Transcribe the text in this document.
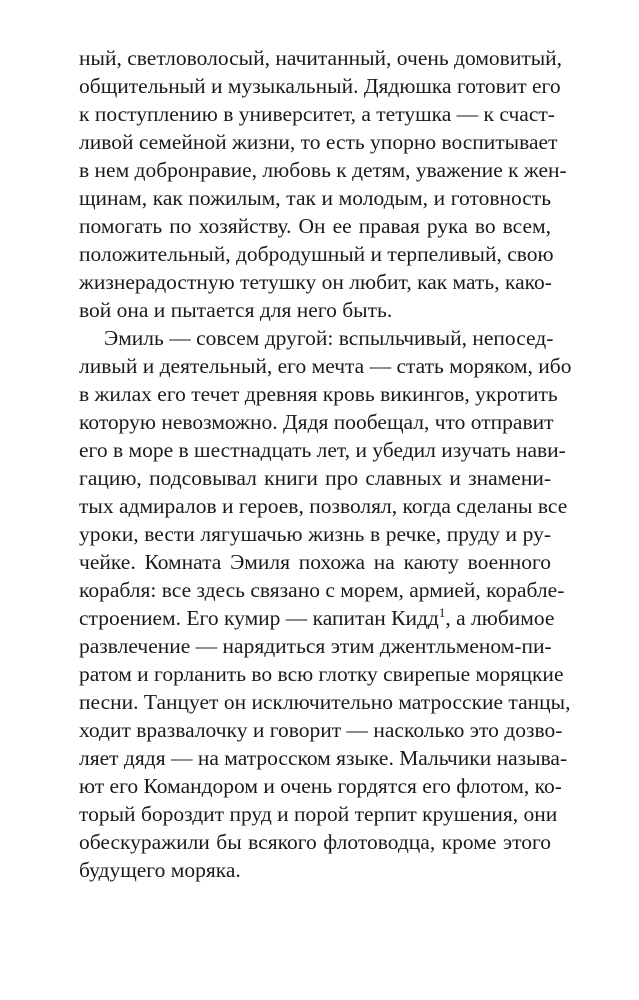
ный, светловолосый, начитанный, очень домовитый,
общительный и музыкальный. Дядюшка готовит его
к поступлению в университет, а тетушка — к счаст-
ливой семейной жизни, то есть упорно воспитывает
в нем добронравие, любовь к детям, уважение к жен-
щинам, как пожилым, так и молодым, и готовность
помогать по хозяйству. Он ее правая рука во всем,
положительный, добродушный и терпеливый, свою
жизнерадостную тетушку он любит, как мать, како-
вой она и пытается для него быть.
Эмиль — совсем другой: вспыльчивый, непосед-
ливый и деятельный, его мечта — стать моряком, ибо
в жилах его течет древняя кровь викингов, укротить
которую невозможно. Дядя пообещал, что отправит
его в море в шестнадцать лет, и убедил изучать нави-
гацию, подсовывал книги про славных и знамени-
тых адмиралов и героев, позволял, когда сделаны все
уроки, вести лягушачью жизнь в речке, пруду и ру-
чейке. Комната Эмиля похожа на каюту военного
корабля: все здесь связано с морем, армией, корабле-
строением. Его кумир — капитан Кидд$^1$, а любимое
развлечение — нарядиться этим джентльменом-пи-
ратом и горланить во всю глотку свирепые моряцкие
песни. Танцует он исключительно матросские танцы,
ходит вразвалочку и говорит — насколько это дозво-
ляет дядя — на матросском языке. Мальчики называ-
ют его Командором и очень гордятся его флотом, ко-
торый бороздит пруд и порой терпит крушения, они
обескуражили бы всякого флотоводца, кроме этого
будущего моряка.
